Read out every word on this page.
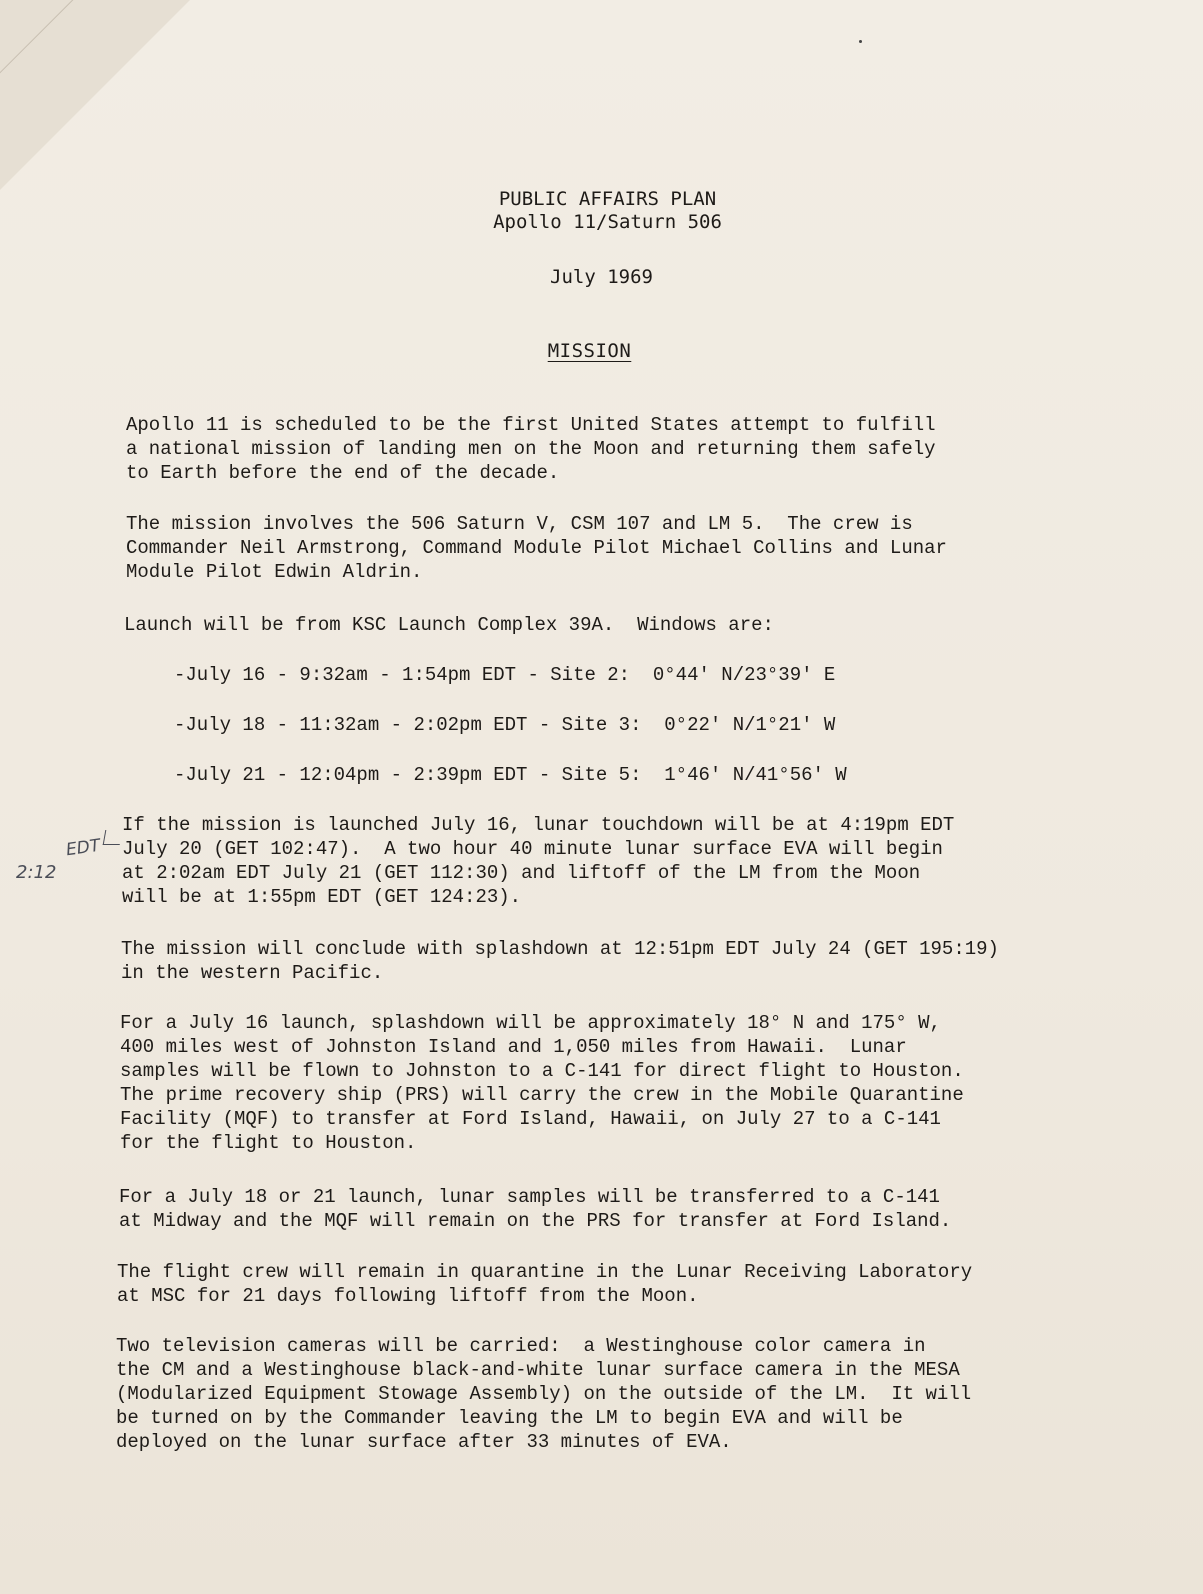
PUBLIC AFFAIRS PLAN
Apollo 11/Saturn 506
July 1969
MISSION
Apollo 11 is scheduled to be the first United States attempt to fulfill
a national mission of landing men on the Moon and returning them safely
to Earth before the end of the decade.
The mission involves the 506 Saturn V, CSM 107 and LM 5.  The crew is
Commander Neil Armstrong, Command Module Pilot Michael Collins and Lunar
Module Pilot Edwin Aldrin.
Launch will be from KSC Launch Complex 39A.  Windows are:
-July 16 - 9:32am - 1:54pm EDT - Site 2:  0°44' N/23°39' E
-July 18 - 11:32am - 2:02pm EDT - Site 3:  0°22' N/1°21' W
-July 21 - 12:04pm - 2:39pm EDT - Site 5:  1°46' N/41°56' W
EDT
2:12
If the mission is launched July 16, lunar touchdown will be at 4:19pm EDT
July 20 (GET 102:47).  A two hour 40 minute lunar surface EVA will begin
at 2:02am EDT July 21 (GET 112:30) and liftoff of the LM from the Moon
will be at 1:55pm EDT (GET 124:23).
The mission will conclude with splashdown at 12:51pm EDT July 24 (GET 195:19)
in the western Pacific.
For a July 16 launch, splashdown will be approximately 18° N and 175° W,
400 miles west of Johnston Island and 1,050 miles from Hawaii.  Lunar
samples will be flown to Johnston to a C-141 for direct flight to Houston.
The prime recovery ship (PRS) will carry the crew in the Mobile Quarantine
Facility (MQF) to transfer at Ford Island, Hawaii, on July 27 to a C-141
for the flight to Houston.
For a July 18 or 21 launch, lunar samples will be transferred to a C-141
at Midway and the MQF will remain on the PRS for transfer at Ford Island.
The flight crew will remain in quarantine in the Lunar Receiving Laboratory
at MSC for 21 days following liftoff from the Moon.
Two television cameras will be carried:  a Westinghouse color camera in
the CM and a Westinghouse black-and-white lunar surface camera in the MESA
(Modularized Equipment Stowage Assembly) on the outside of the LM.  It will
be turned on by the Commander leaving the LM to begin EVA and will be
deployed on the lunar surface after 33 minutes of EVA.
